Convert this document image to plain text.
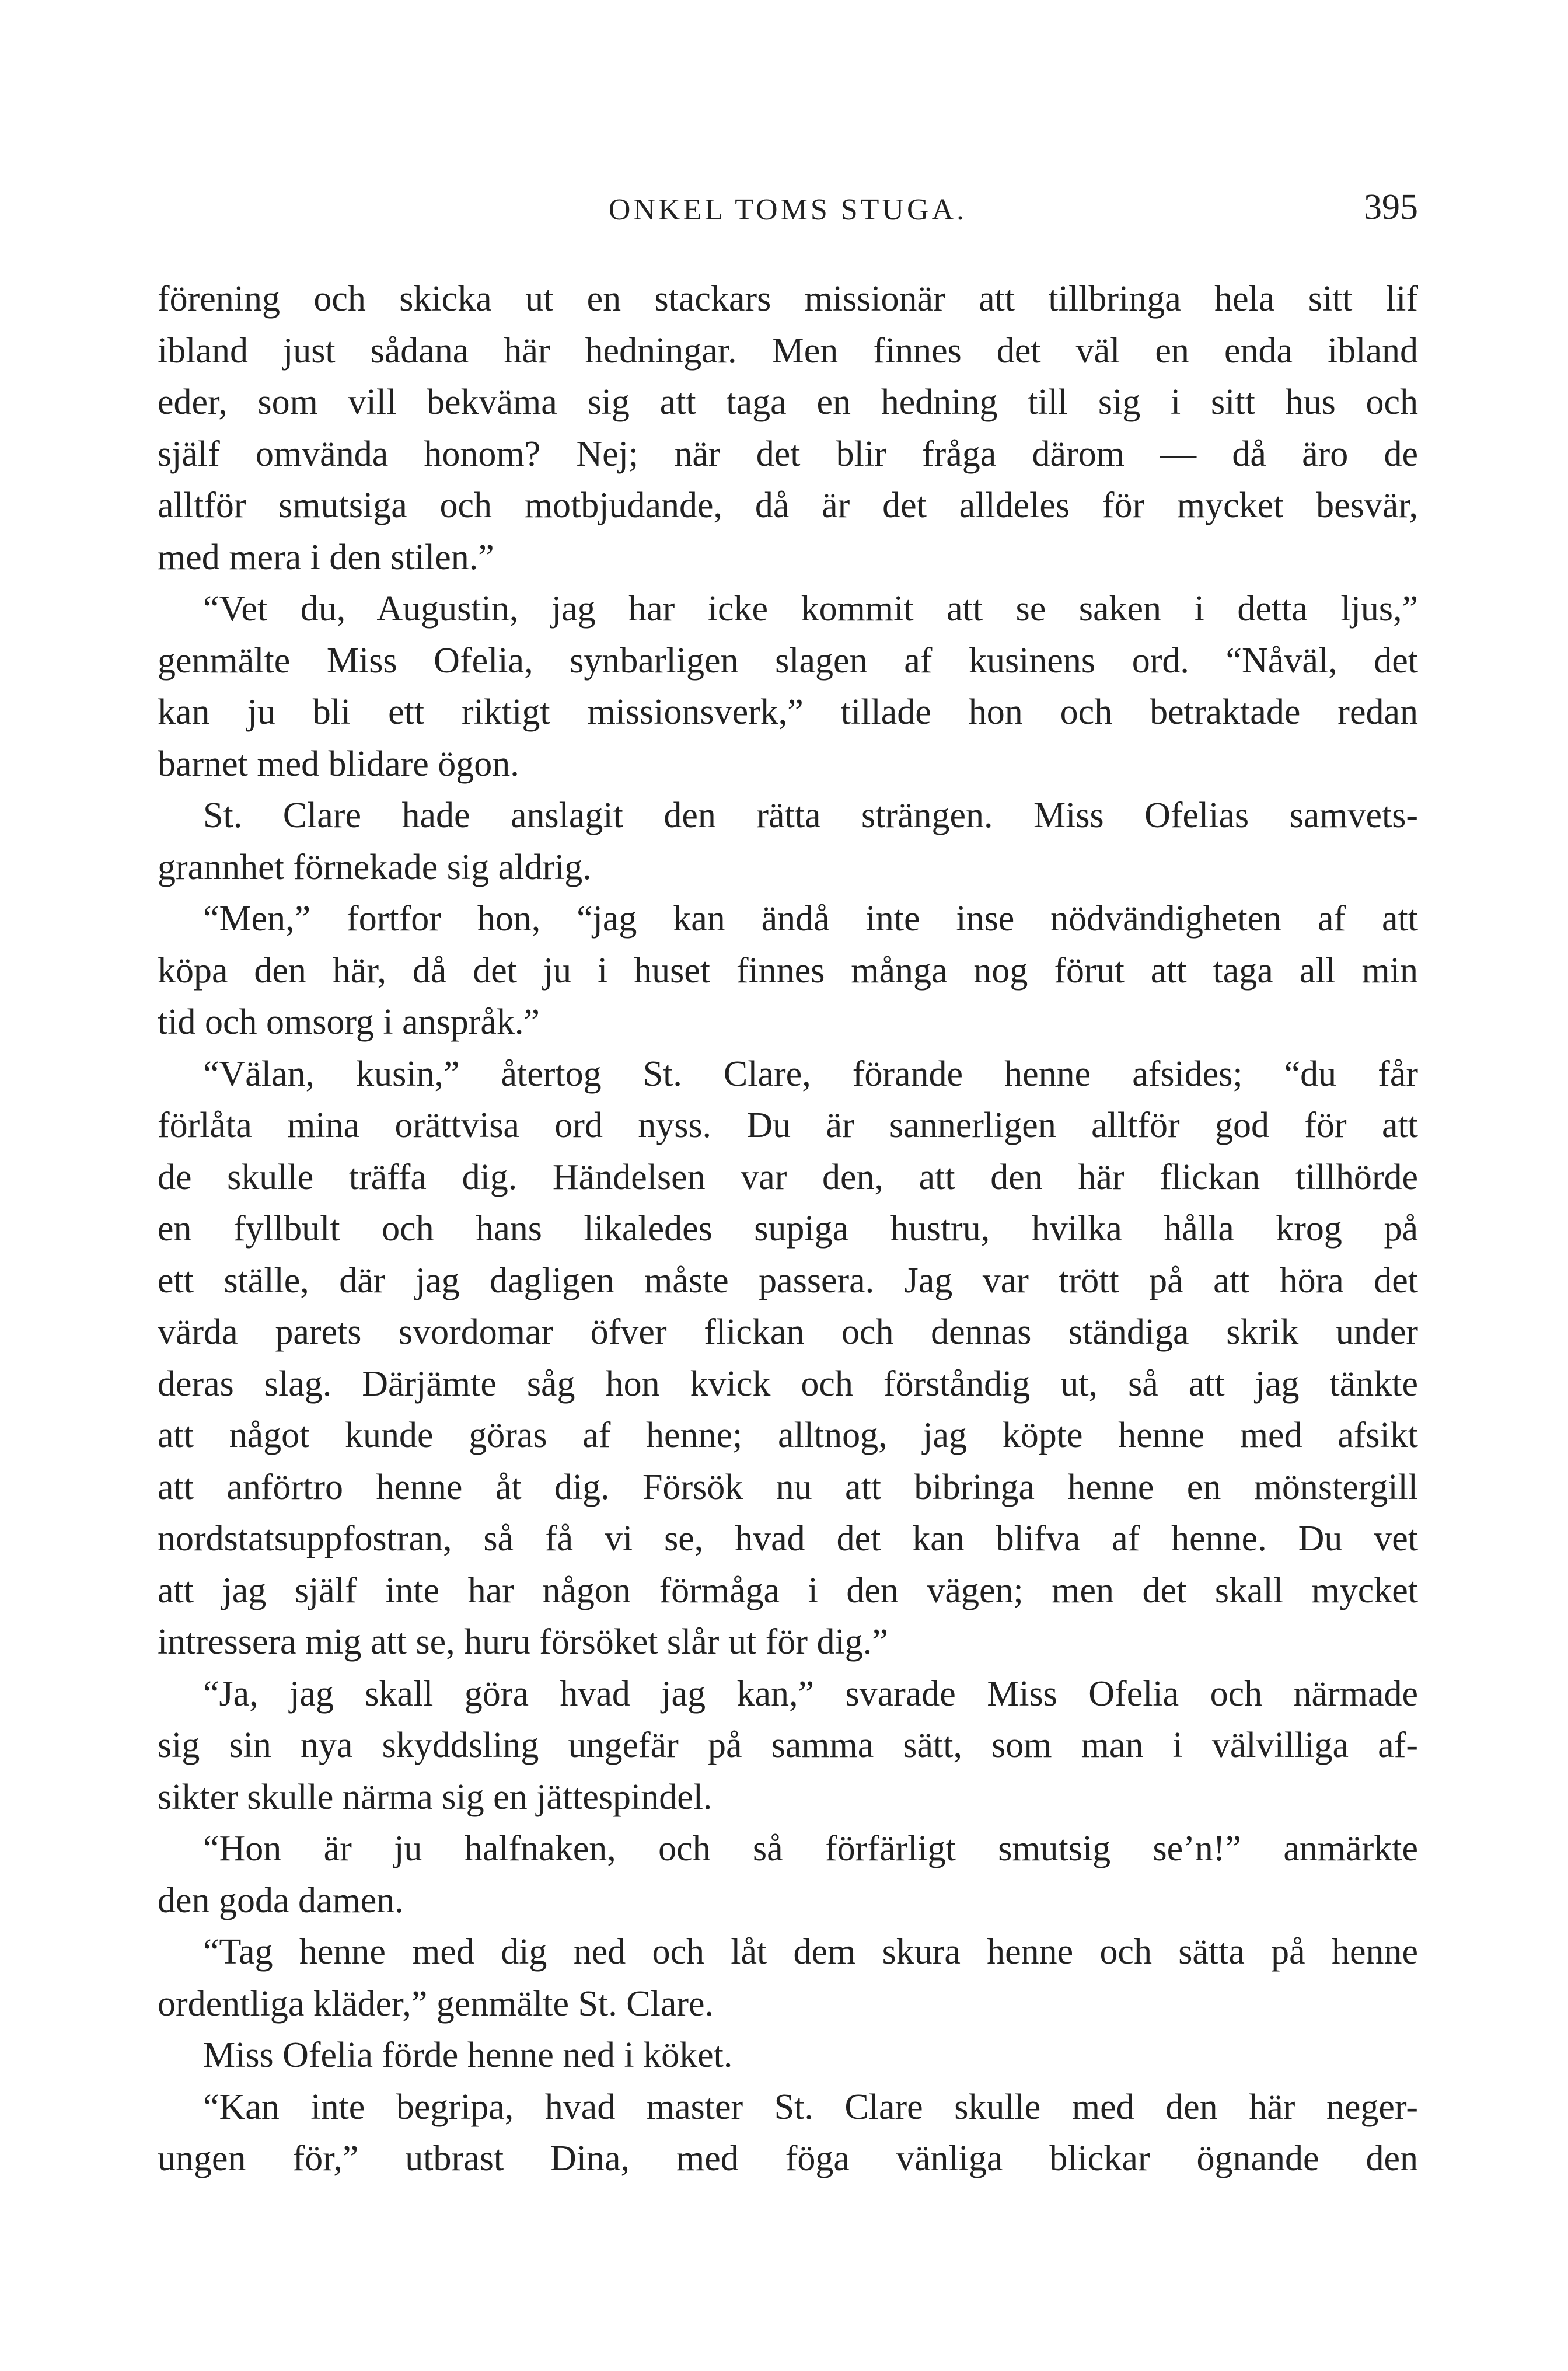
ONKEL TOMS STUGA.	395
förening och skicka ut en stackars missionär att tillbringa hela sitt lif
ibland just sådana här hedningar. Men finnes det väl en enda ibland
eder, som vill bekväma sig att taga en hedning till sig i sitt hus och
själf omvända honom? Nej; när det blir fråga därom — då äro de
alltför smutsiga och motbjudande, då är det alldeles för mycket besvär,
med mera i den stilen.”
“Vet du, Augustin, jag har icke kommit att se saken i detta ljus,”
genmälte Miss Ofelia, synbarligen slagen af kusinens ord. “Nåväl, det
kan ju bli ett riktigt missionsverk,” tillade hon och betraktade redan
barnet med blidare ögon.
St. Clare hade anslagit den rätta strängen. Miss Ofelias samvets-
grannhet förnekade sig aldrig.
“Men,” fortfor hon, “jag kan ändå inte inse nödvändigheten af att
köpa den här, då det ju i huset finnes många nog förut att taga all min
tid och omsorg i anspråk.”
“Välan, kusin,” återtog St. Clare, förande henne afsides; “du får
förlåta mina orättvisa ord nyss. Du är sannerligen alltför god för att
de skulle träffa dig. Händelsen var den, att den här flickan tillhörde
en fyllbult och hans likaledes supiga hustru, hvilka hålla krog på
ett ställe, där jag dagligen måste passera. Jag var trött på att höra det
värda parets svordomar öfver flickan och dennas ständiga skrik under
deras slag. Därjämte såg hon kvick och förståndig ut, så att jag tänkte
att något kunde göras af henne; alltnog, jag köpte henne med afsikt
att anförtro henne åt dig. Försök nu att bibringa henne en mönstergill
nordstatsuppfostran, så få vi se, hvad det kan blifva af henne. Du vet
att jag själf inte har någon förmåga i den vägen; men det skall mycket
intressera mig att se, huru försöket slår ut för dig.”
“Ja, jag skall göra hvad jag kan,” svarade Miss Ofelia och närmade
sig sin nya skyddsling ungefär på samma sätt, som man i välvilliga af-
sikter skulle närma sig en jättespindel.
“Hon är ju halfnaken, och så förfärligt smutsig se’n!” anmärkte
den goda damen.
“Tag henne med dig ned och låt dem skura henne och sätta på henne
ordentliga kläder,” genmälte St. Clare.
Miss Ofelia förde henne ned i köket.
“Kan inte begripa, hvad master St. Clare skulle med den här neger-
ungen för,” utbrast Dina, med föga vänliga blickar ögnande den
